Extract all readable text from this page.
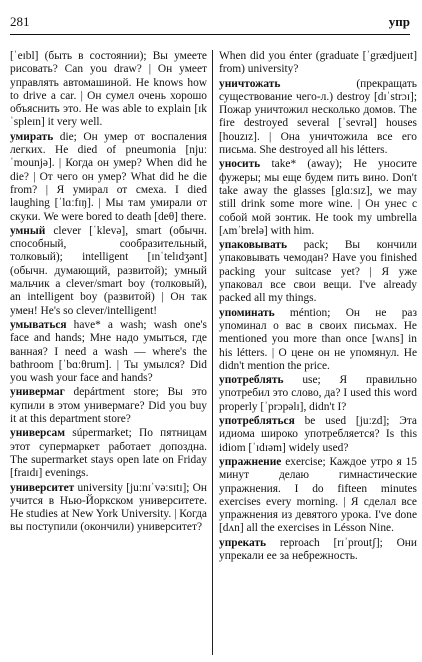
281	упр

[ˈeɪbl] (быть в состоянии); Вы умеете рисовать? Can you draw? | Он умеет управлять автомашиной. He knows how to drive a car. | Он сумел очень хорошо объяснить это. He was able to explain [ɪkˈspleɪn] it very well.

умирать die; Он умер от воспаления легких. He died of pneumonia [njuːˈmounjə]. | Когда он умер? When did he die? | От чего он умер? What did he die from? | Я умирал от смеха. I died laughing [ˈlɑːfɪŋ]. | Мы там умирали от скуки. We were bored to death [deθ] there.

умный clever [ˈklevə], smart (обычн. способный, сообразительный, толковый); intelligent [ɪnˈtelɪdʒənt] (обычн. думающий, развитой); умный мальчик a clever/smart boy (толковый), an intelligent boy (развитой) | Он так умен! He's so clever/intelligent!

умываться have* a wash; wash one's face and hands; Мне надо умыться, где ванная? I need a wash — where's the bathroom [ˈbɑːθrum]. | Ты умылся? Did you wash your face and hands?

универмаг depártment store; Вы это купили в этом универмаге? Did you buy it at this department store?

универсам súpermarket; По пятницам этот супермаркет работает допоздна. The supermarket stays open late on Friday [fraɪdɪ] evenings.

университет university [juːnɪˈvəːsɪtɪ]; Он учится в Нью-Йоркском университете. He studies at New York University. | Когда вы поступили (окончили) университет?

When did you énter (graduate [ˈgrædjueɪt] from) university?

уничтожать	(прекращать существование чего-л.) destroy [dɪˈstrɔɪ]; Пожар уничтожил несколько домов. The fire destroyed several [ˈsevrəl] houses [houzɪz]. | Она уничтожила все его письма. She destroyed all his létters.

уносить take* (away); Не уносите фужеры; мы еще будем пить вино. Don't take away the glasses [glɑːsɪz], we may still drink some more wine. | Он унес с собой мой зонтик. He took my umbrella [ʌmˈbrelə] with him.

упаковывать pack; Вы кончили упаковывать чемодан? Have you finished packing your suitcase yet? | Я уже упаковал все свои вещи. I've already packed all my things.

упоминать méntion; Он не раз упоминал о вас в своих письмах. He mentioned you more than once [wʌns] in his létters. | О цене он не упомянул. He didn't mention the price.

употреблять use; Я правильно употребил это слово, да? I used this word properly [ˈprɔpəlɪ], didn't I?

употребляться be used [juːzd]; Эта идиома широко употребляется? Is this idiom [ˈɪdɪəm] widely used?

упражнение exercise; Каждое утро я 15 минут делаю гимнастические упражнения. I do fifteen minutes exercises every morning. | Я сделал все упражнения из девятого урока. I've done [dʌn] all the exercises in Lésson Nine.

упрекать reproach [rɪˈproutʃ]; Они упрекали ее за небрежность.
